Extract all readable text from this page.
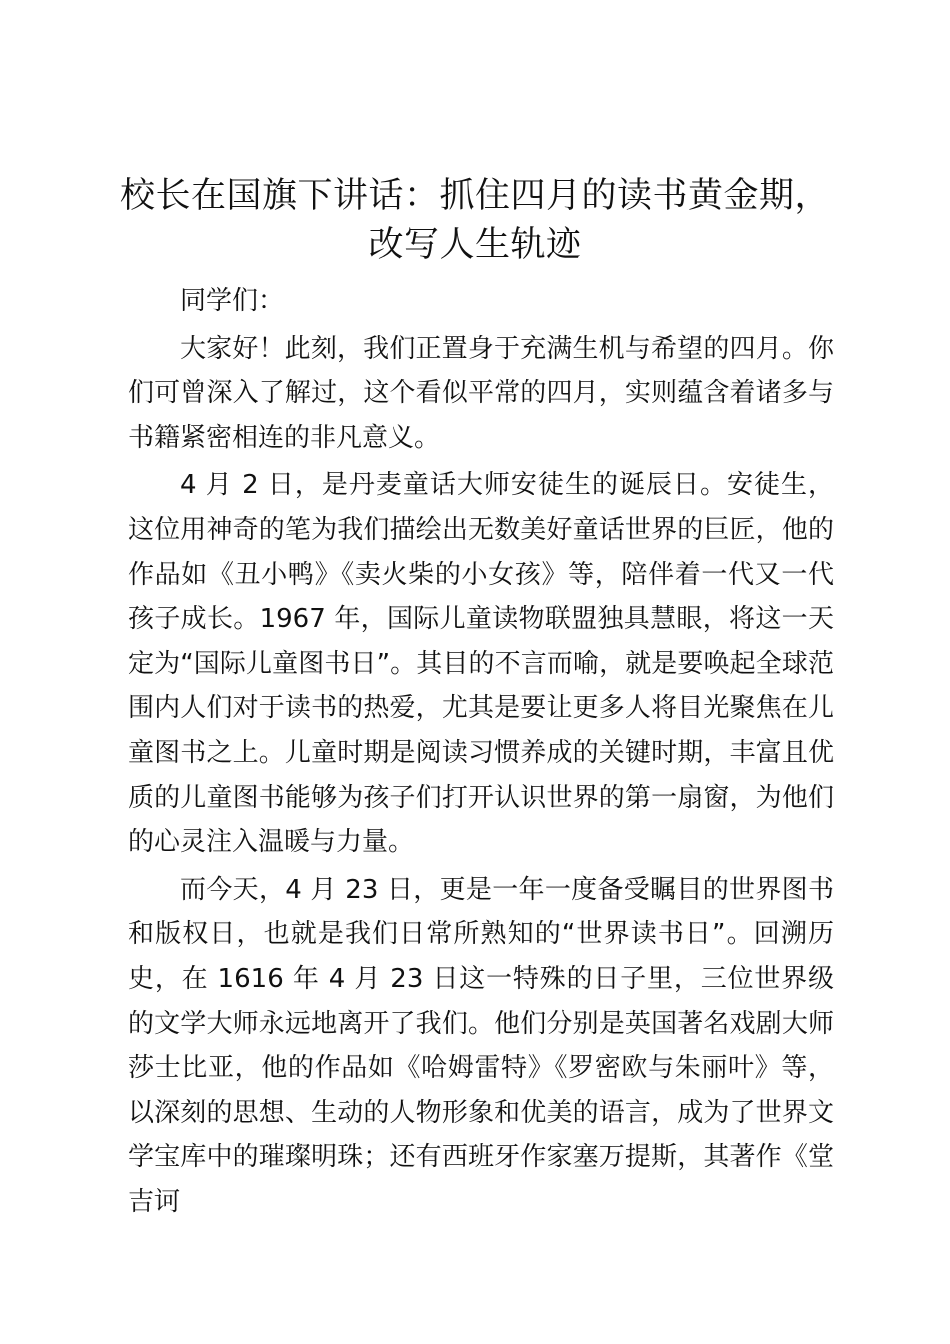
校长在国旗下讲话：抓住四月的读书黄金期，
改写人生轨迹

同学们：

大家好！此刻，我们正置身于充满生机与希望的四月。你们可曾深入了解过，这个看似平常的四月，实则蕴含着诸多与书籍紧密相连的非凡意义。

4 月 2 日，是丹麦童话大师安徒生的诞辰日。安徒生，这位用神奇的笔为我们描绘出无数美好童话世界的巨匠，他的作品如《丑小鸭》《卖火柴的小女孩》等，陪伴着一代又一代孩子成长。1967 年，国际儿童读物联盟独具慧眼，将这一天定为“国际儿童图书日”。其目的不言而喻，就是要唤起全球范围内人们对于读书的热爱，尤其是要让更多人将目光聚焦在儿童图书之上。儿童时期是阅读习惯养成的关键时期，丰富且优质的儿童图书能够为孩子们打开认识世界的第一扇窗，为他们的心灵注入温暖与力量。

而今天，4 月 23 日，更是一年一度备受瞩目的世界图书和版权日，也就是我们日常所熟知的“世界读书日”。回溯历史，在 1616 年 4 月 23 日这一特殊的日子里，三位世界级的文学大师永远地离开了我们。他们分别是英国著名戏剧大师莎士比亚，他的作品如《哈姆雷特》《罗密欧与朱丽叶》等，以深刻的思想、生动的人物形象和优美的语言，成为了世界文学宝库中的璀璨明珠；还有西班牙作家塞万提斯，其著作《堂吉诃
